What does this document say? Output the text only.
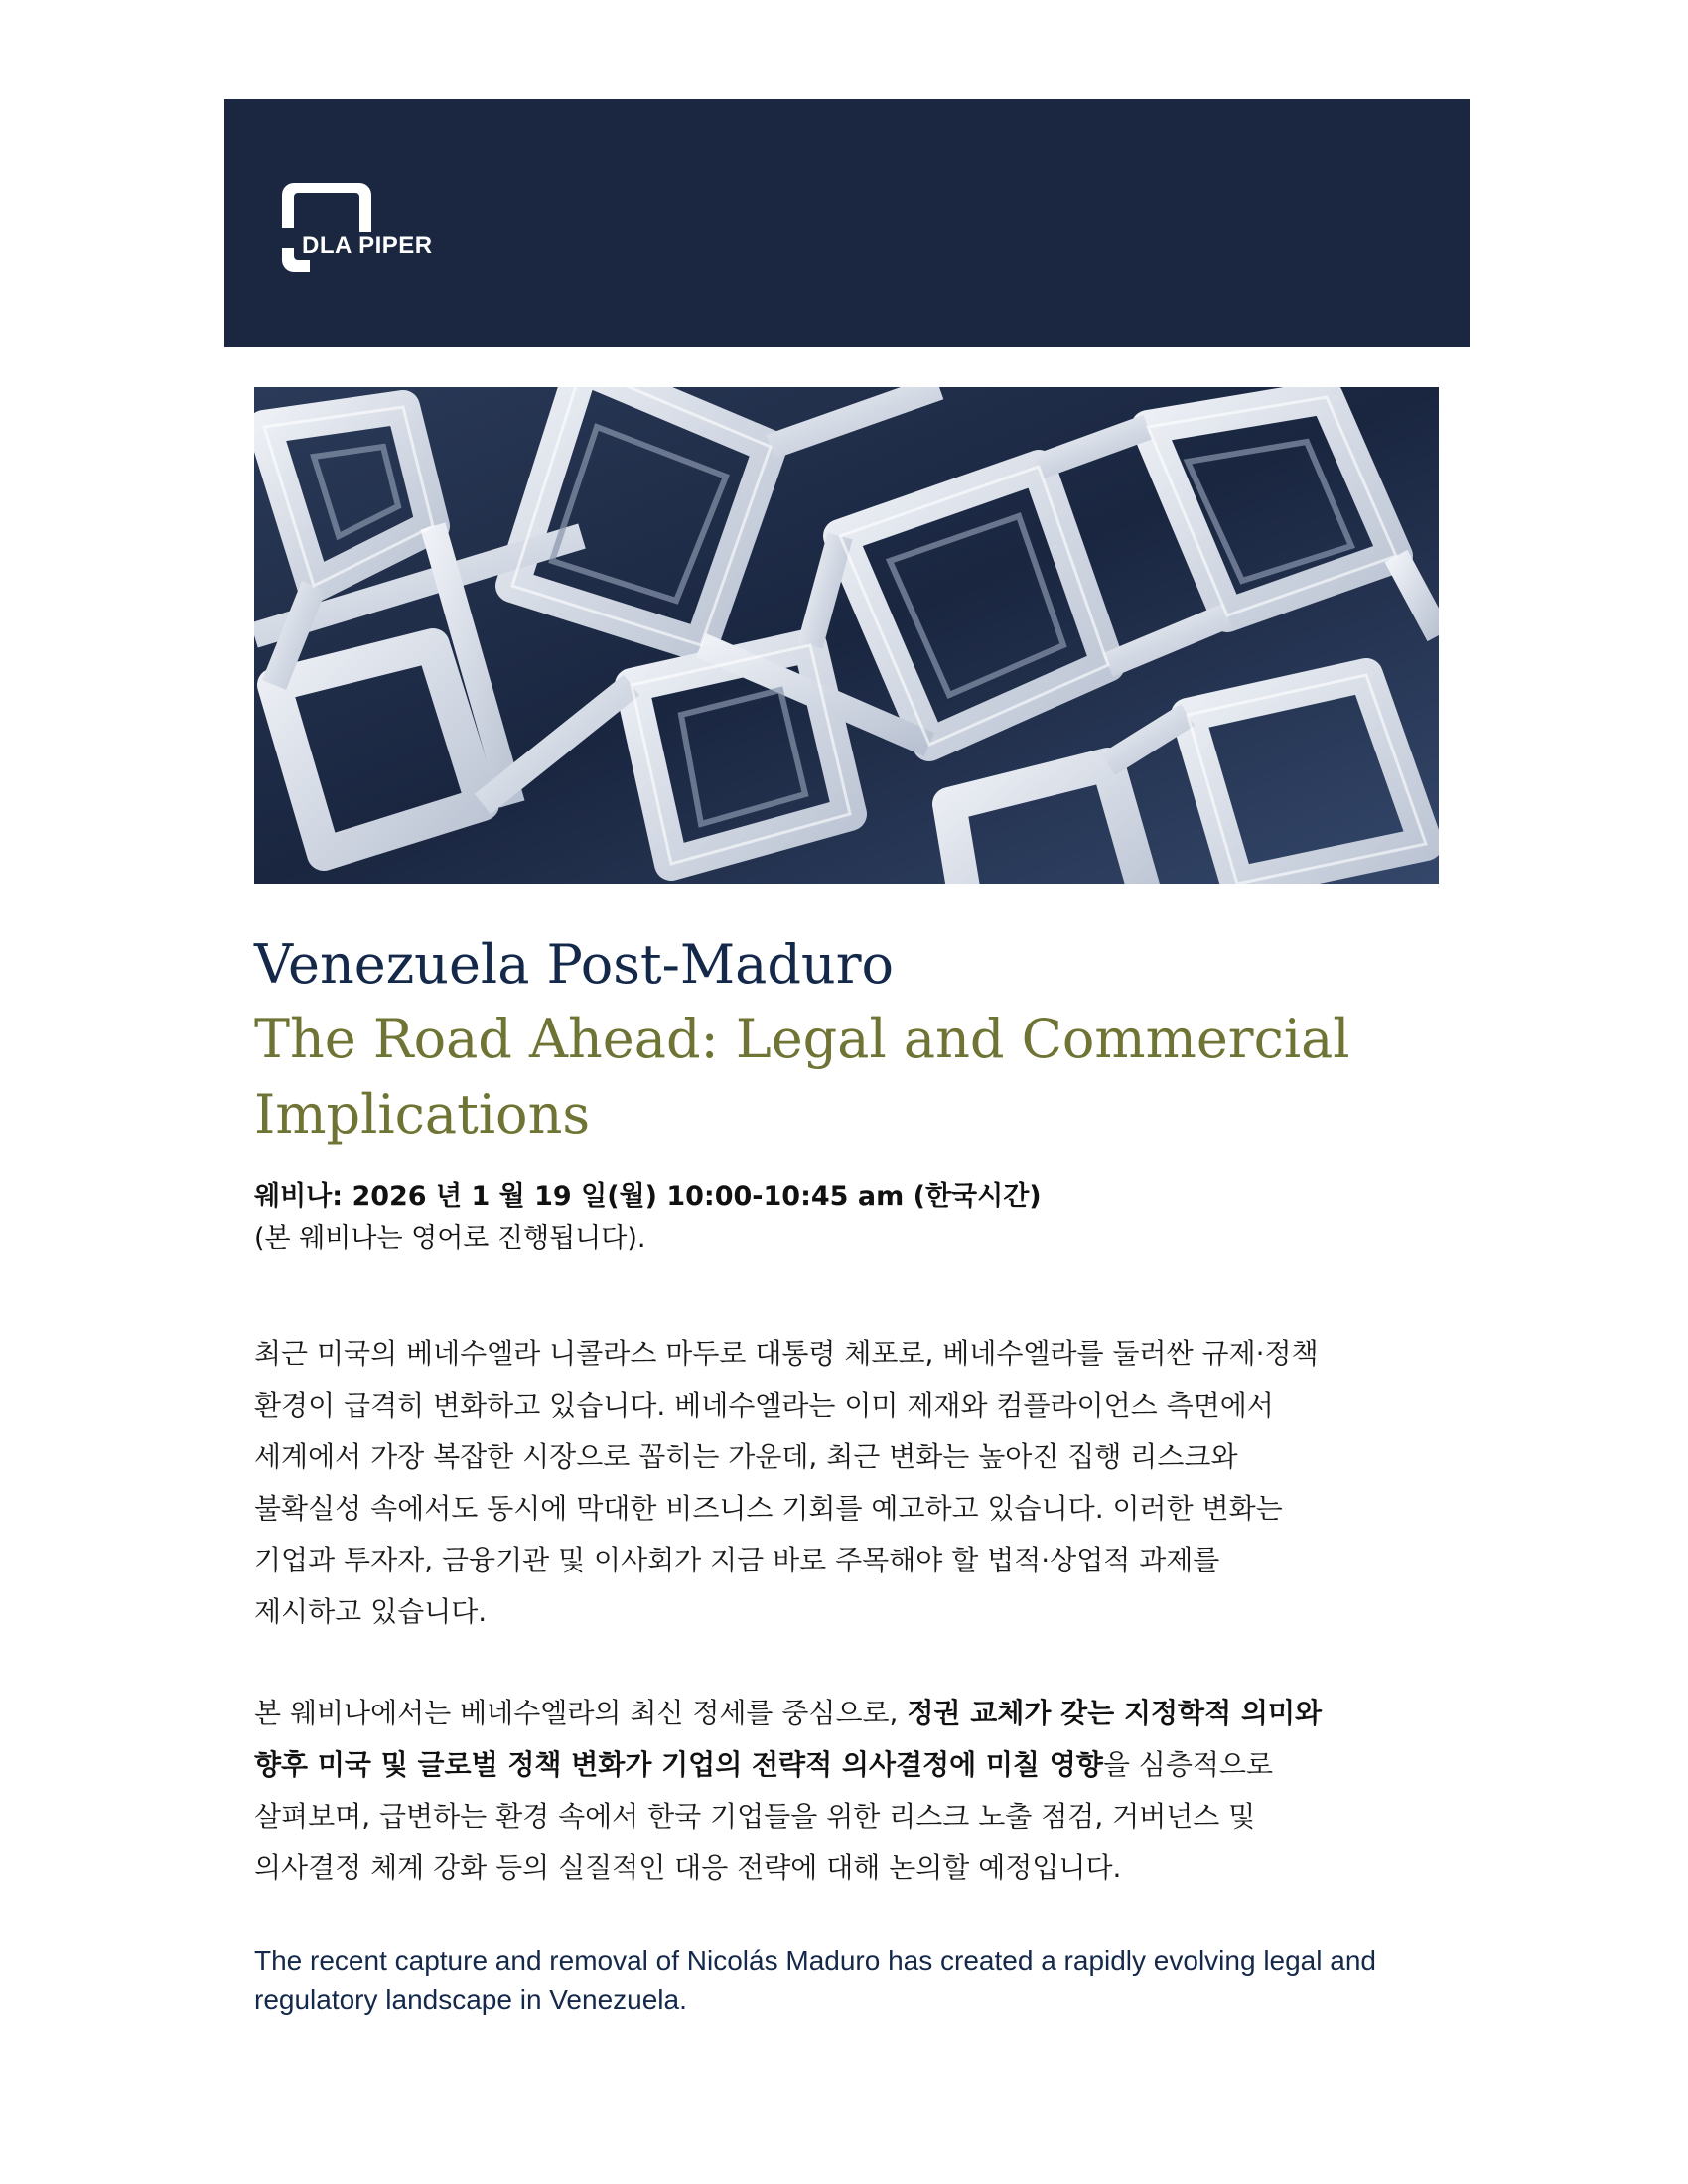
DLA PIPER
Venezuela Post-Maduro
The Road Ahead: Legal and Commercial Implications
웨비나: 2026 년 1 월 19 일(월) 10:00-10:45 am (한국시간)
(본 웨비나는 영어로 진행됩니다).
최근 미국의 베네수엘라 니콜라스 마두로 대통령 체포로, 베네수엘라를 둘러싼 규제·정책
환경이 급격히 변화하고 있습니다. 베네수엘라는 이미 제재와 컴플라이언스 측면에서
세계에서 가장 복잡한 시장으로 꼽히는 가운데, 최근 변화는 높아진 집행 리스크와
불확실성 속에서도 동시에 막대한 비즈니스 기회를 예고하고 있습니다. 이러한 변화는
기업과 투자자, 금융기관 및 이사회가 지금 바로 주목해야 할 법적·상업적 과제를
제시하고 있습니다.
본 웨비나에서는 베네수엘라의 최신 정세를 중심으로, 정권 교체가 갖는 지정학적 의미와
향후 미국 및 글로벌 정책 변화가 기업의 전략적 의사결정에 미칠 영향을 심층적으로
살펴보며, 급변하는 환경 속에서 한국 기업들을 위한 리스크 노출 점검, 거버넌스 및
의사결정 체계 강화 등의 실질적인 대응 전략에 대해 논의할 예정입니다.

The recent capture and removal of Nicolás Maduro has created a rapidly evolving legal and regulatory landscape in Venezuela.
